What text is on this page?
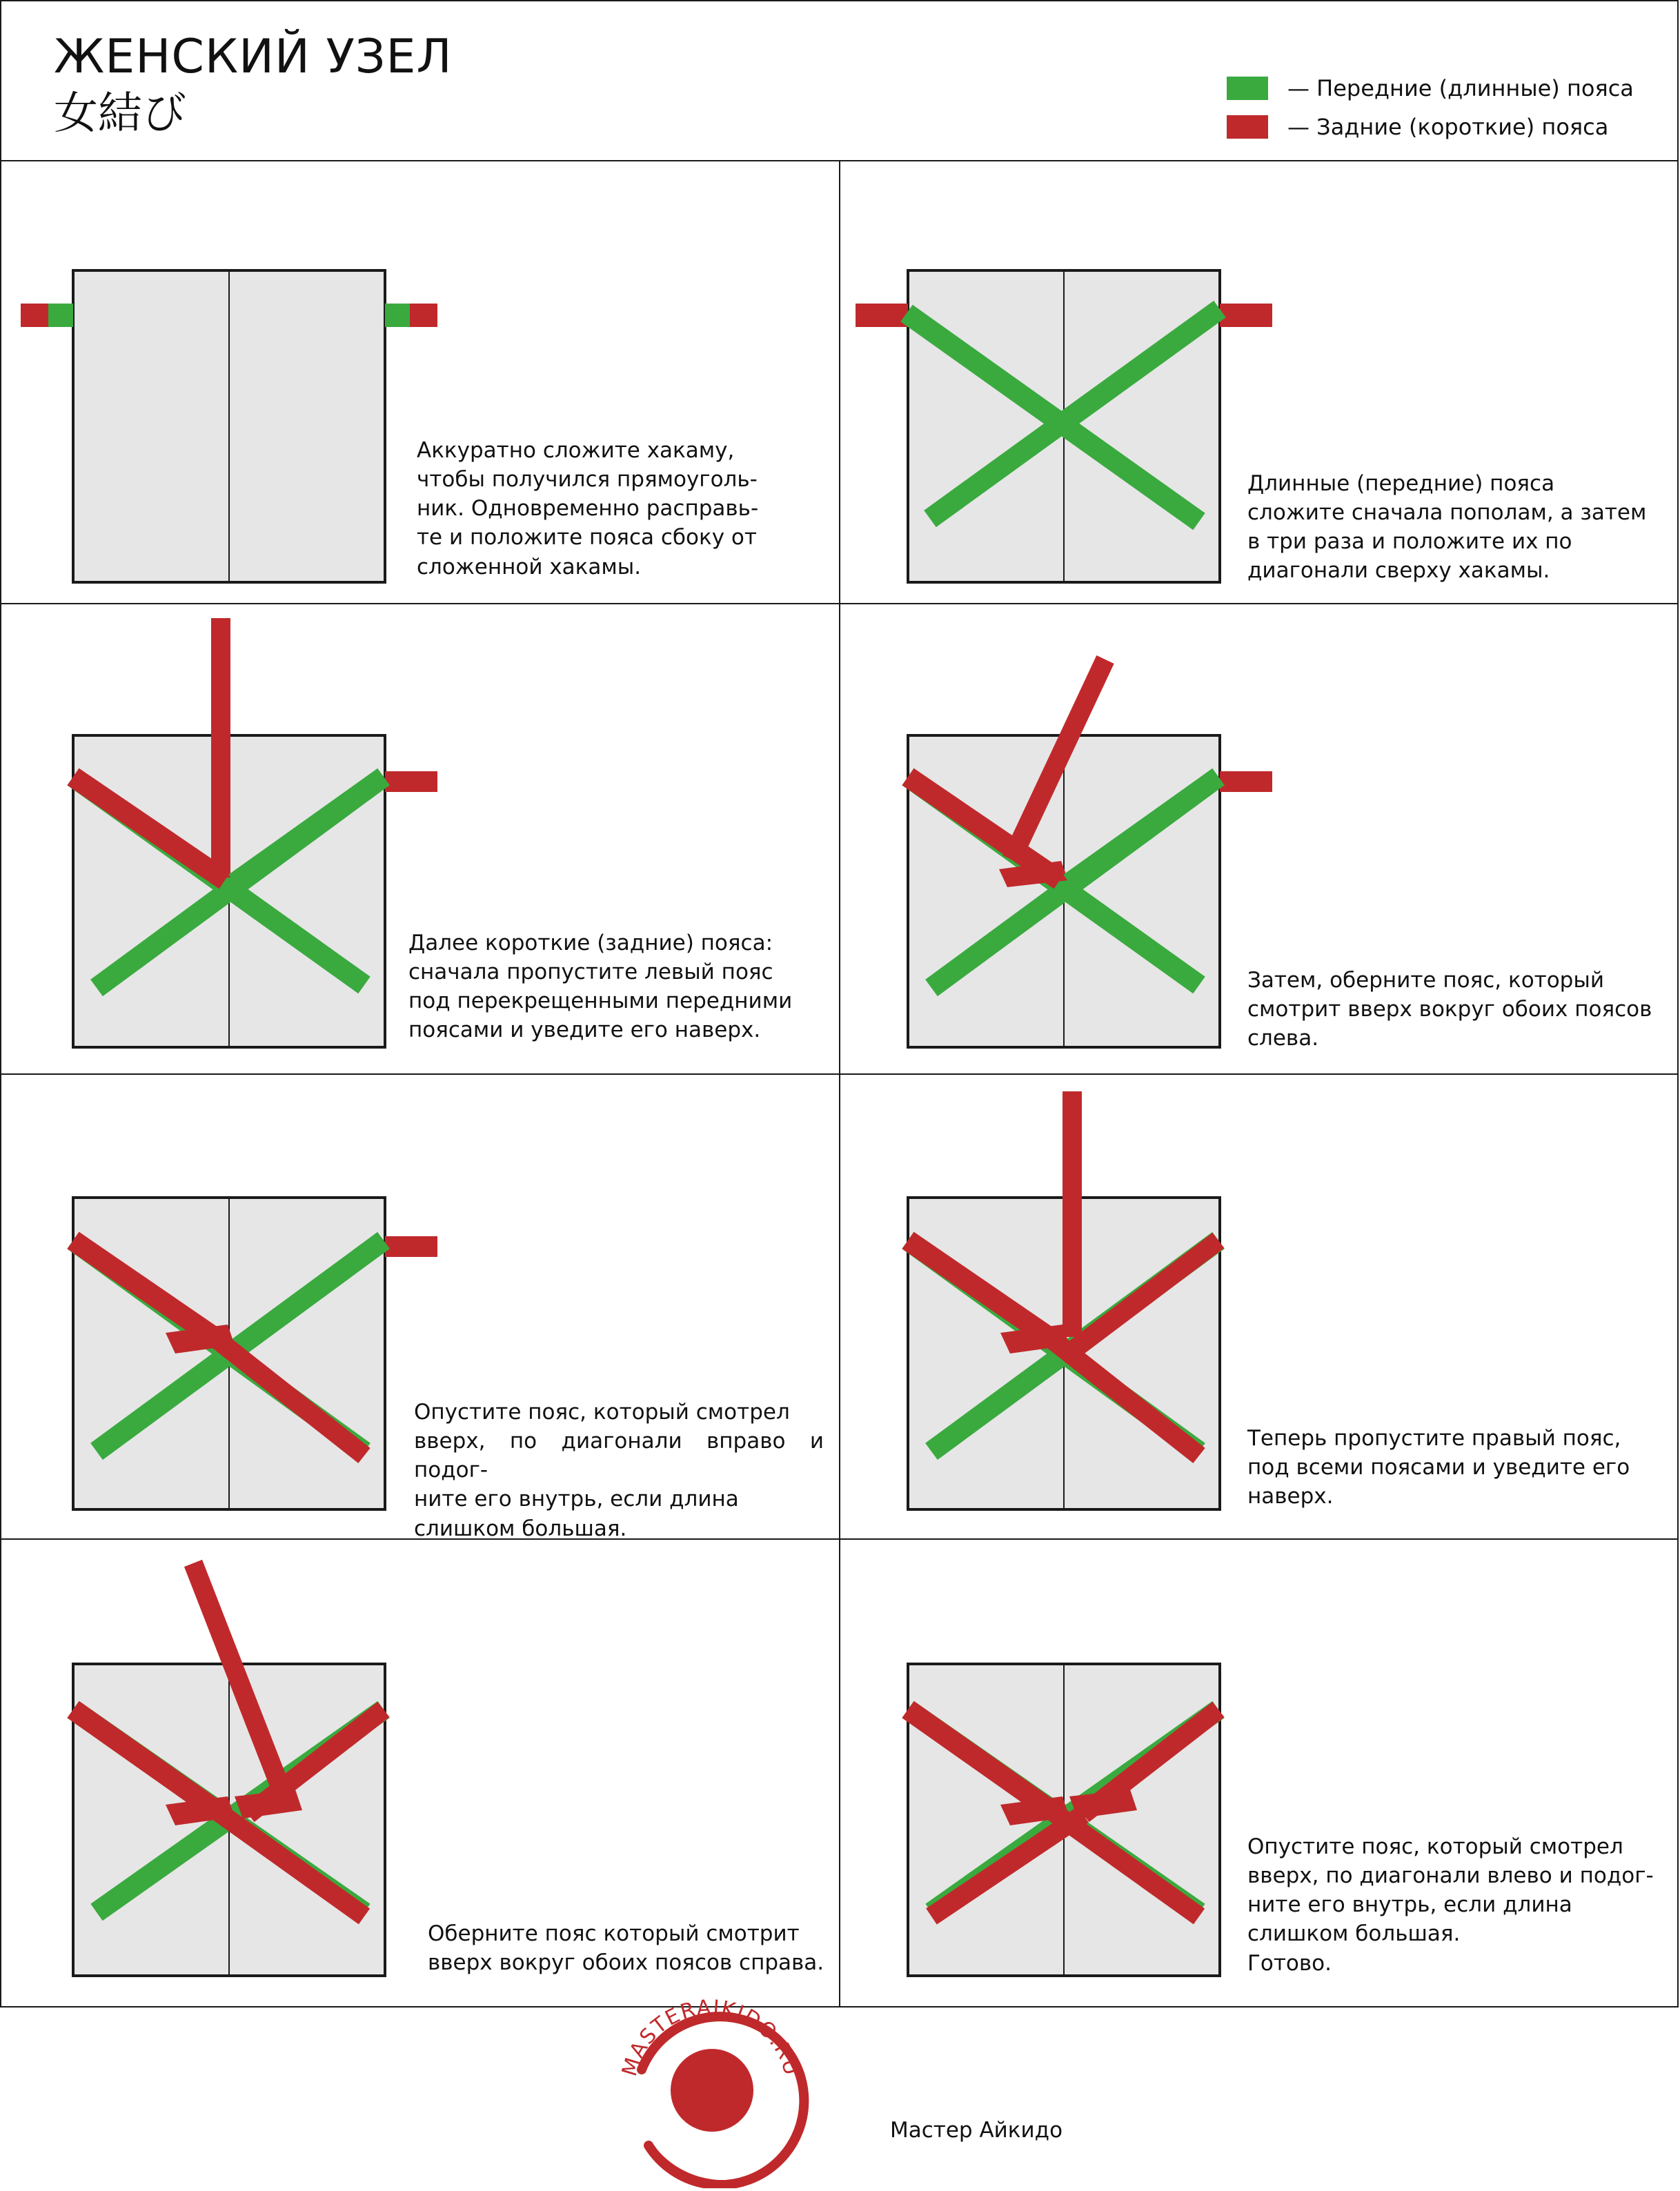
ЖЕНСКИЙ УЗЕЛ
女結び	— Передние (длинные) пояса
— Задние (короткие) пояса
Аккуратно сложите хакаму,
чтобы получился прямоуголь-
ник. Одновременно расправь-
те и положите пояса сбоку от
сложенной хакамы.
Длинные (передние) пояса
сложите сначала пополам, а затем
в три раза и положите их по
диагонали сверху хакамы.
Далее короткие (задние) пояса:
сначала пропустите левый пояс
под перекрещенными передними
поясами и уведите его наверх.
Затем, оберните пояс, который
смотрит вверх вокруг обоих поясов
слева.
Опустите пояс, который смотрел
вверх, по диагонали вправо и подог-
ните его внутрь, если длина
слишком большая.
Теперь пропустите правый пояс,
под всеми поясами и уведите его
наверх.
Оберните пояс который смотрит
вверх вокруг обоих поясов справа.
Опустите пояс, который смотрел
вверх, по диагонали влево и подог-
ните его внутрь, если длина
слишком большая.
Готово.
MASTERAIKIDO.RU
Мастер Айкидо
